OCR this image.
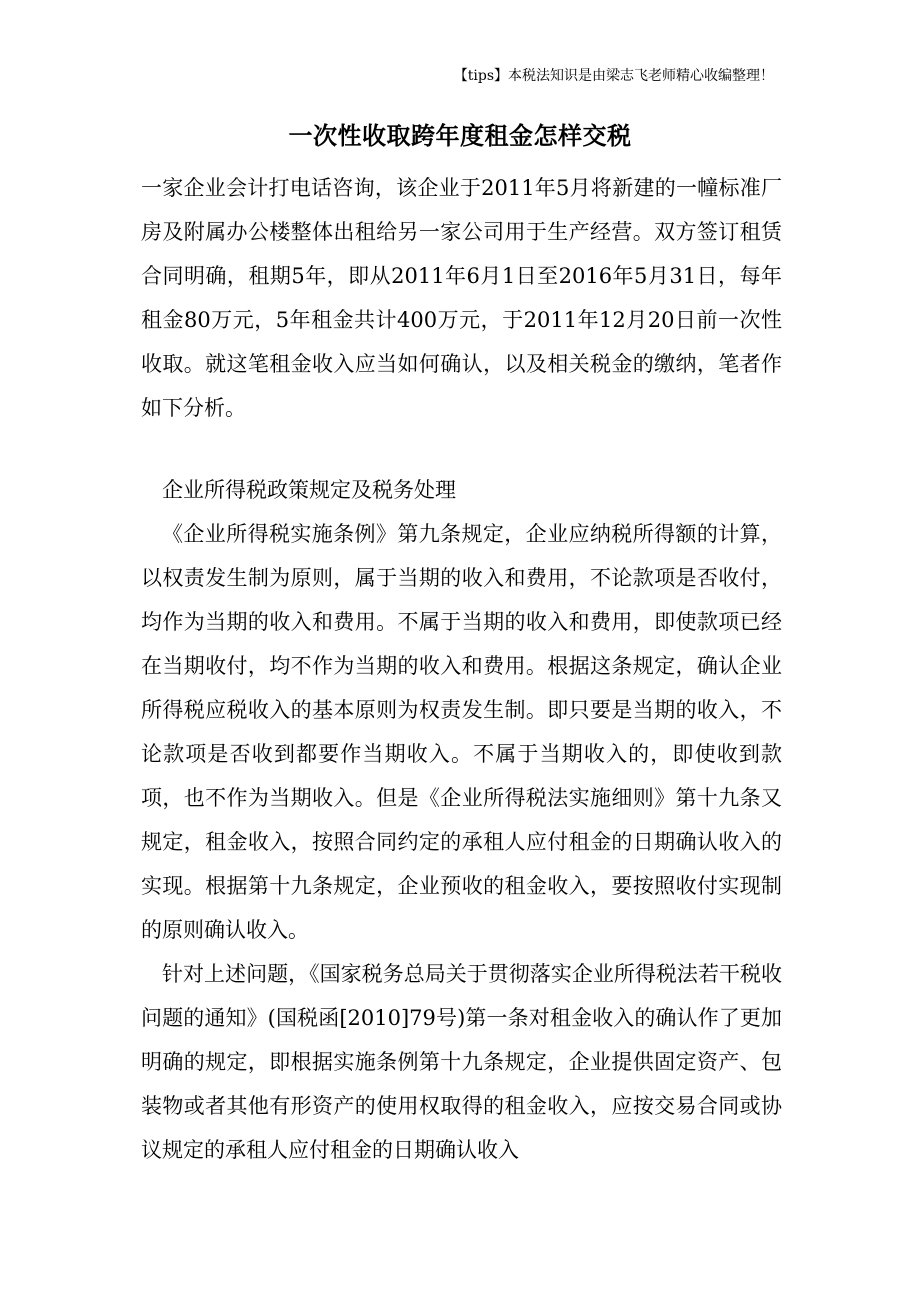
【tips】本税法知识是由梁志飞老师精心收编整理！
一次性收取跨年度租金怎样交税

一家企业会计打电话咨询，该企业于2011年5月将新建的一幢标准厂房及附属办公楼整体出租给另一家公司用于生产经营。双方签订租赁合同明确，租期5年，即从2011年6月1日至2016年5月31日，每年租金80万元，5年租金共计400万元，于2011年12月20日前一次性收取。就这笔租金收入应当如何确认，以及相关税金的缴纳，笔者作如下分析。

企业所得税政策规定及税务处理

《企业所得税实施条例》第九条规定，企业应纳税所得额的计算，以权责发生制为原则，属于当期的收入和费用，不论款项是否收付，均作为当期的收入和费用。不属于当期的收入和费用，即使款项已经在当期收付，均不作为当期的收入和费用。根据这条规定，确认企业所得税应税收入的基本原则为权责发生制。即只要是当期的收入，不论款项是否收到都要作当期收入。不属于当期收入的，即使收到款项，也不作为当期收入。但是《企业所得税法实施细则》第十九条又规定，租金收入，按照合同约定的承租人应付租金的日期确认收入的实现。根据第十九条规定，企业预收的租金收入，要按照收付实现制的原则确认收入。

针对上述问题，《国家税务总局关于贯彻落实企业所得税法若干税收问题的通知》(国税函[2010]79号)第一条对租金收入的确认作了更加明确的规定，即根据实施条例第十九条规定，企业提供固定资产、包装物或者其他有形资产的使用权取得的租金收入，应按交易合同或协议规定的承租人应付租金的日期确认收入
